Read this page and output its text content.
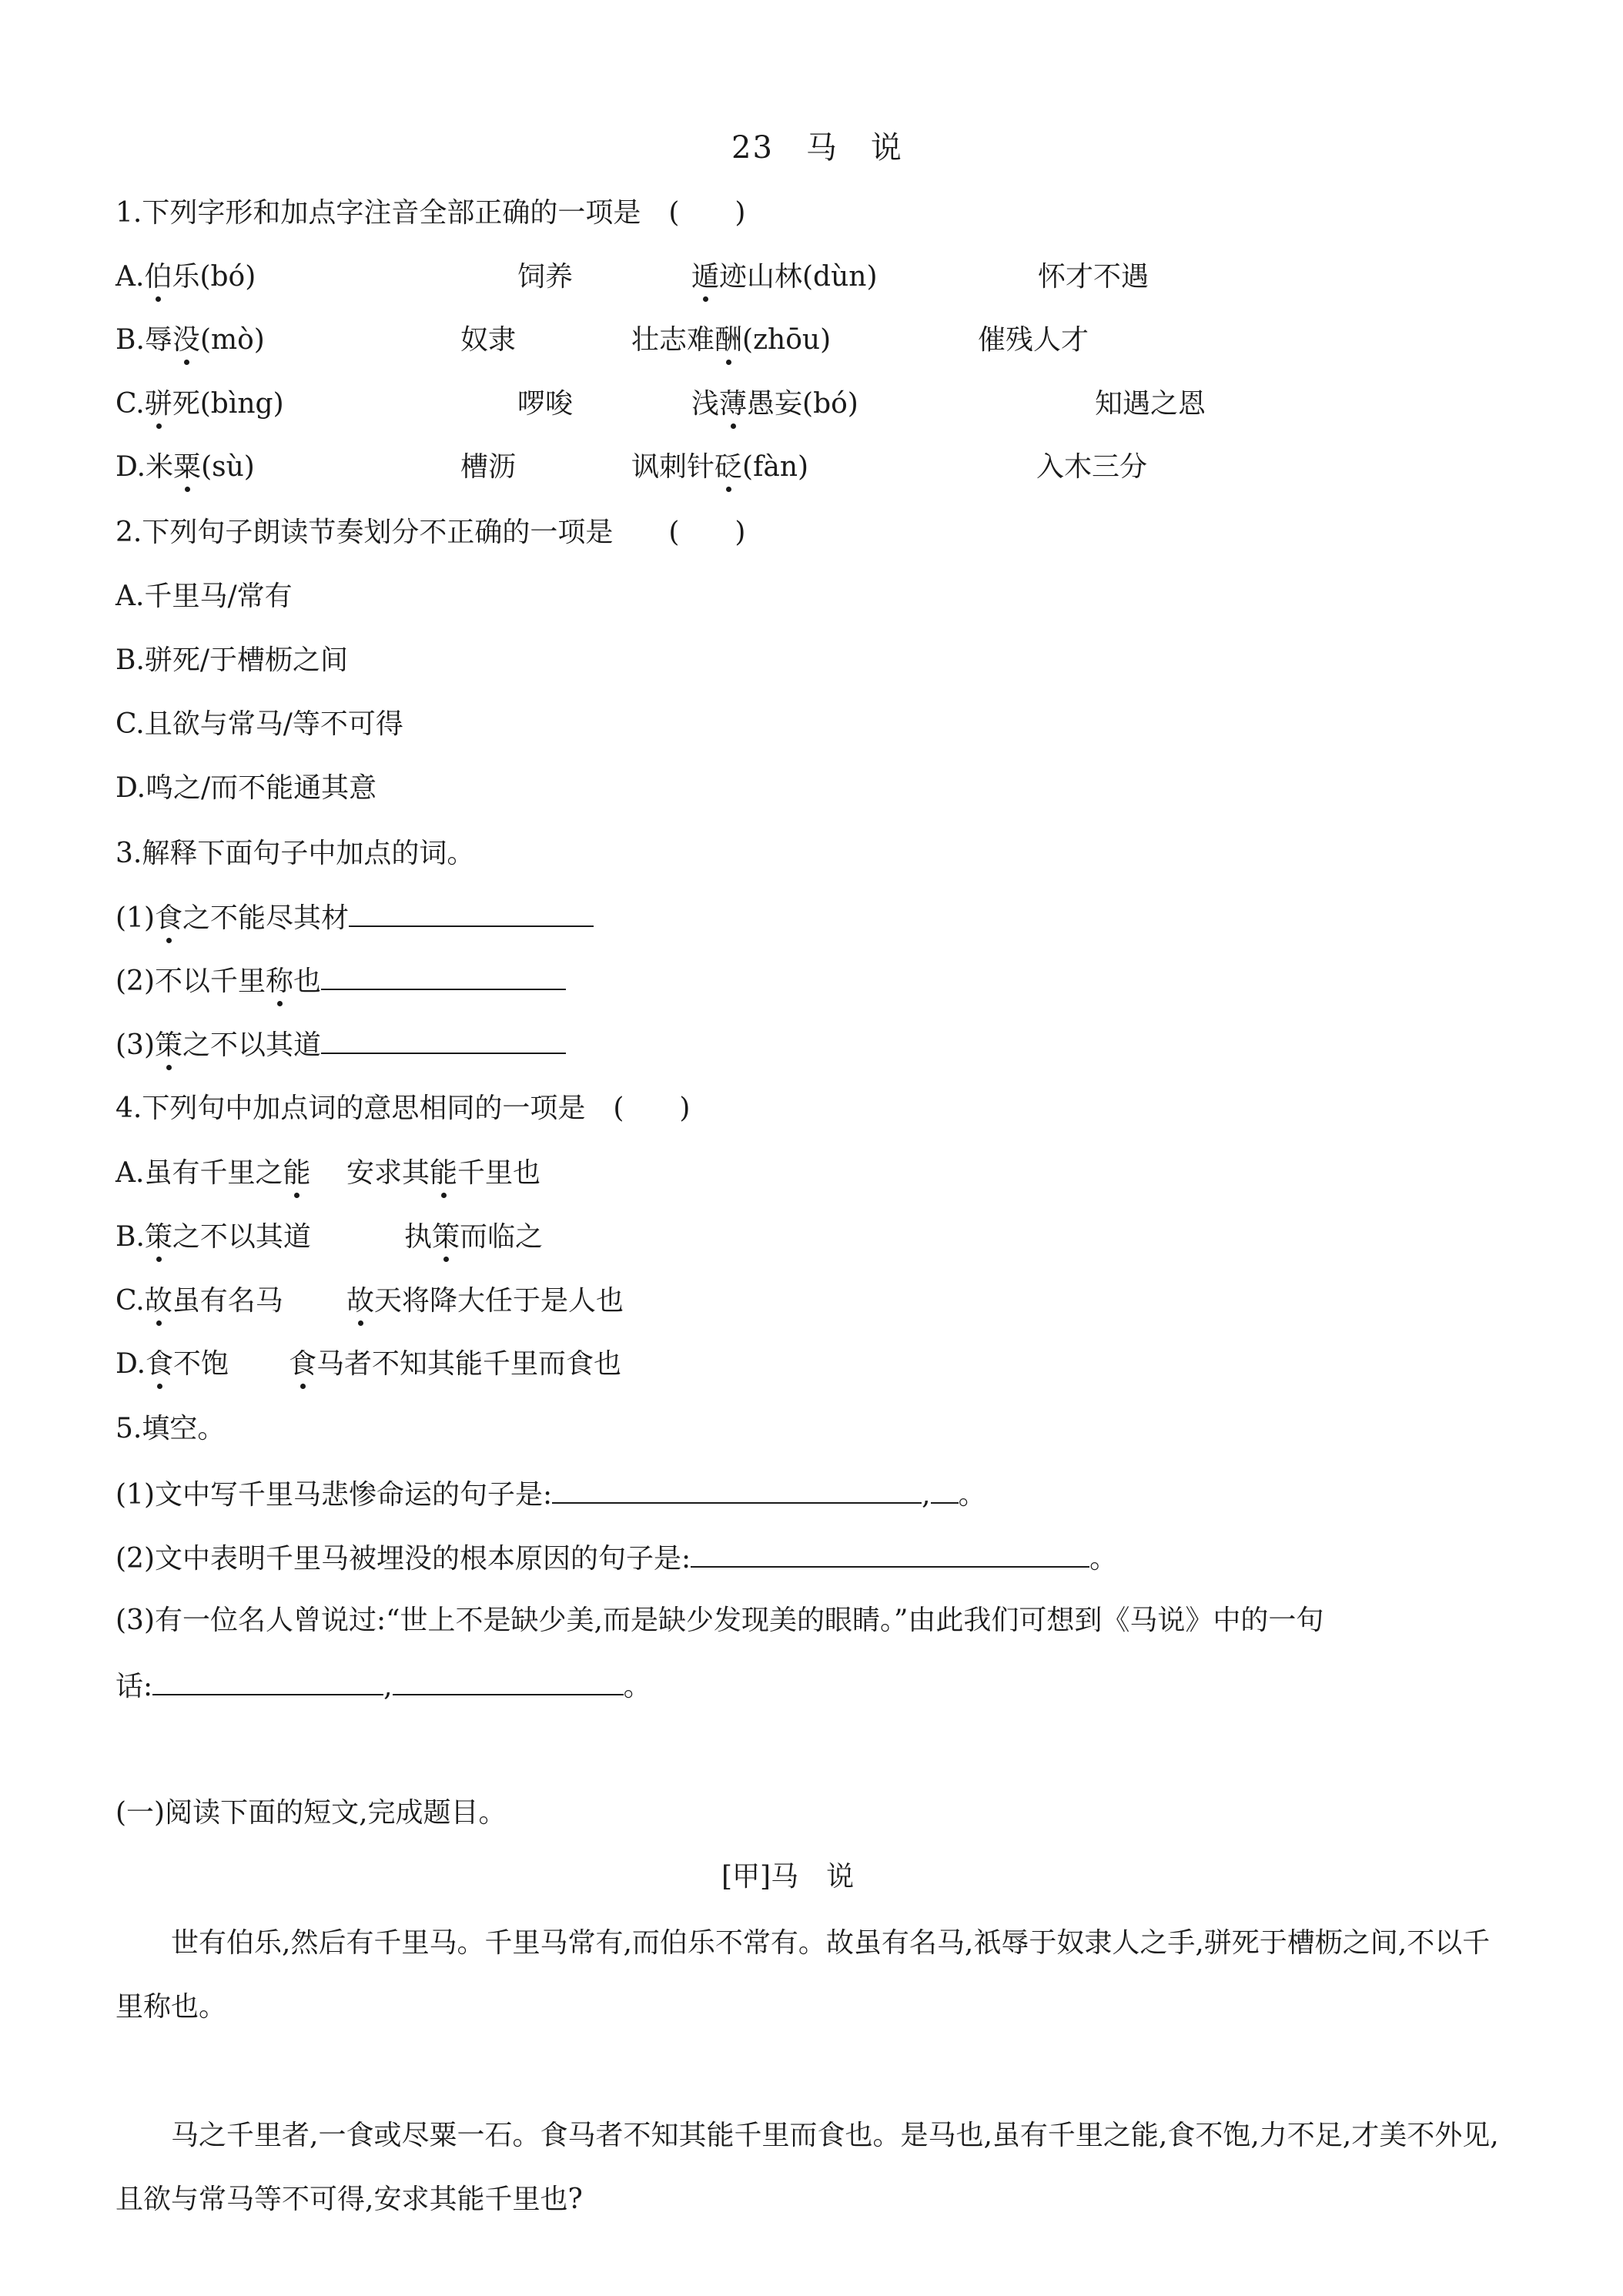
23　马　说
1.下列字形和加点字注音全部正确的一项是　(　　)
A.伯乐(bó)	饲养	遁迹山林(dùn)	怀才不遇
B.辱没(mò)	奴隶	壮志难酬(zhōu)	催残人才
C.骈死(bìng)	啰唆	浅薄愚妄(bó)	知遇之恩
D.米粟(sù)	槽沥	讽刺针砭(fàn)	入木三分
2.下列句子朗读节奏划分不正确的一项是　　(　　)
A.千里马/常有
B.骈死/于槽枥之间
C.且欲与常马/等不可得
D.鸣之/而不能通其意
3.解释下面句子中加点的词。
(1)食之不能尽其材
(2)不以千里称也
(3)策之不以其道
4.下列句中加点词的意思相同的一项是　(　　)
A.虽有千里之能 安求其能千里也
B.策之不以其道	执策而临之
C.故虽有名马 故天将降大任于是人也
D.食不饱 食马者不知其能千里而食也
5.填空。
(1)文中写千里马悲惨命运的句子是:	, 。
(2)文中表明千里马被埋没的根本原因的句子是:	。
(3)有一位名人曾说过:“世上不是缺少美,而是缺少发现美的眼睛。”由此我们可想到《马说》中的一句
话:	,	。
(一)阅读下面的短文,完成题目。
[甲]马　说
世有伯乐,然后有千里马。千里马常有,而伯乐不常有。故虽有名马,祇辱于奴隶人之手,骈死于槽枥之间,不以千里称也。
马之千里者,一食或尽粟一石。食马者不知其能千里而食也。是马也,虽有千里之能,食不饱,力不足,才美不外见,且欲与常马等不可得,安求其能千里也?
